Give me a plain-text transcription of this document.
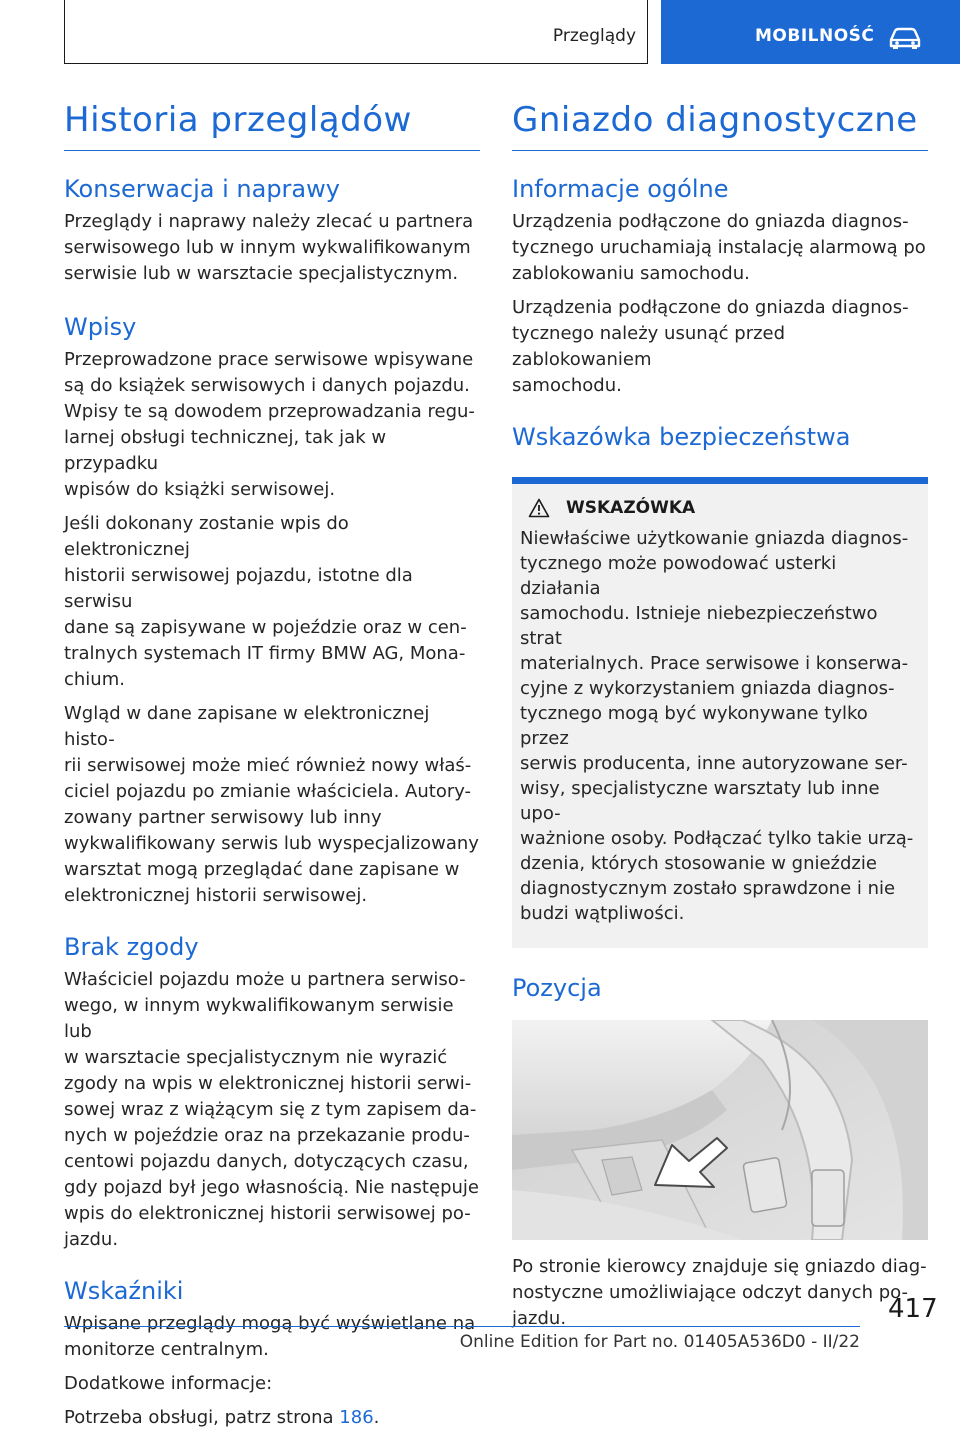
Przeglądy	MOBILNOŚĆ
Historia przeglądów
Konserwacja i naprawy

Przeglądy i naprawy należy zlecać u partnera
serwisowego lub w innym wykwalifikowanym
serwisie lub w warsztacie specjalistycznym.

Wpisy

Przeprowadzone prace serwisowe wpisywane
są do książek serwisowych i danych pojazdu.
Wpisy te są dowodem przeprowadzania regu-
larnej obsługi technicznej, tak jak w przypadku
wpisów do książki serwisowej.

Jeśli dokonany zostanie wpis do elektronicznej
historii serwisowej pojazdu, istotne dla serwisu
dane są zapisywane w pojeździe oraz w cen-
tralnych systemach IT firmy BMW AG, Mona-
chium.

Wgląd w dane zapisane w elektronicznej histo-
rii serwisowej może mieć również nowy właś-
ciciel pojazdu po zmianie właściciela. Autory-
zowany partner serwisowy lub inny
wykwalifikowany serwis lub wyspecjalizowany
warsztat mogą przeglądać dane zapisane w
elektronicznej historii serwisowej.

Brak zgody

Właściciel pojazdu może u partnera serwiso-
wego, w innym wykwalifikowanym serwisie lub
w warsztacie specjalistycznym nie wyrazić
zgody na wpis w elektronicznej historii serwi-
sowej wraz z wiążącym się z tym zapisem da-
nych w pojeździe oraz na przekazanie produ-
centowi pojazdu danych, dotyczących czasu,
gdy pojazd był jego własnością. Nie następuje
wpis do elektronicznej historii serwisowej po-
jazdu.

Wskaźniki

Wpisane przeglądy mogą być wyświetlane na
monitorze centralnym.

Dodatkowe informacje:

Potrzeba obsługi, patrz strona 186.

Gniazdo diagnostyczne
Informacje ogólne

Urządzenia podłączone do gniazda diagnos-
tycznego uruchamiają instalację alarmową po
zablokowaniu samochodu.

Urządzenia podłączone do gniazda diagnos-
tycznego należy usunąć przed zablokowaniem
samochodu.

Wskazówka bezpieczeństwa
WSKAZÓWKA

Niewłaściwe użytkowanie gniazda diagnos-
tycznego może powodować usterki działania
samochodu. Istnieje niebezpieczeństwo strat
materialnych. Prace serwisowe i konserwa-
cyjne z wykorzystaniem gniazda diagnos-
tycznego mogą być wykonywane tylko przez
serwis producenta, inne autoryzowane ser-
wisy, specjalistyczne warsztaty lub inne upo-
ważnione osoby. Podłączać tylko takie urzą-
dzenia, których stosowanie w gnieździe
diagnostycznym zostało sprawdzone i nie
budzi wątpliwości.

Pozycja

Po stronie kierowcy znajduje się gniazdo diag-
nostyczne umożliwiające odczyt danych po-
jazdu.	417
Online Edition for Part no. 01405A536D0 - II/22
